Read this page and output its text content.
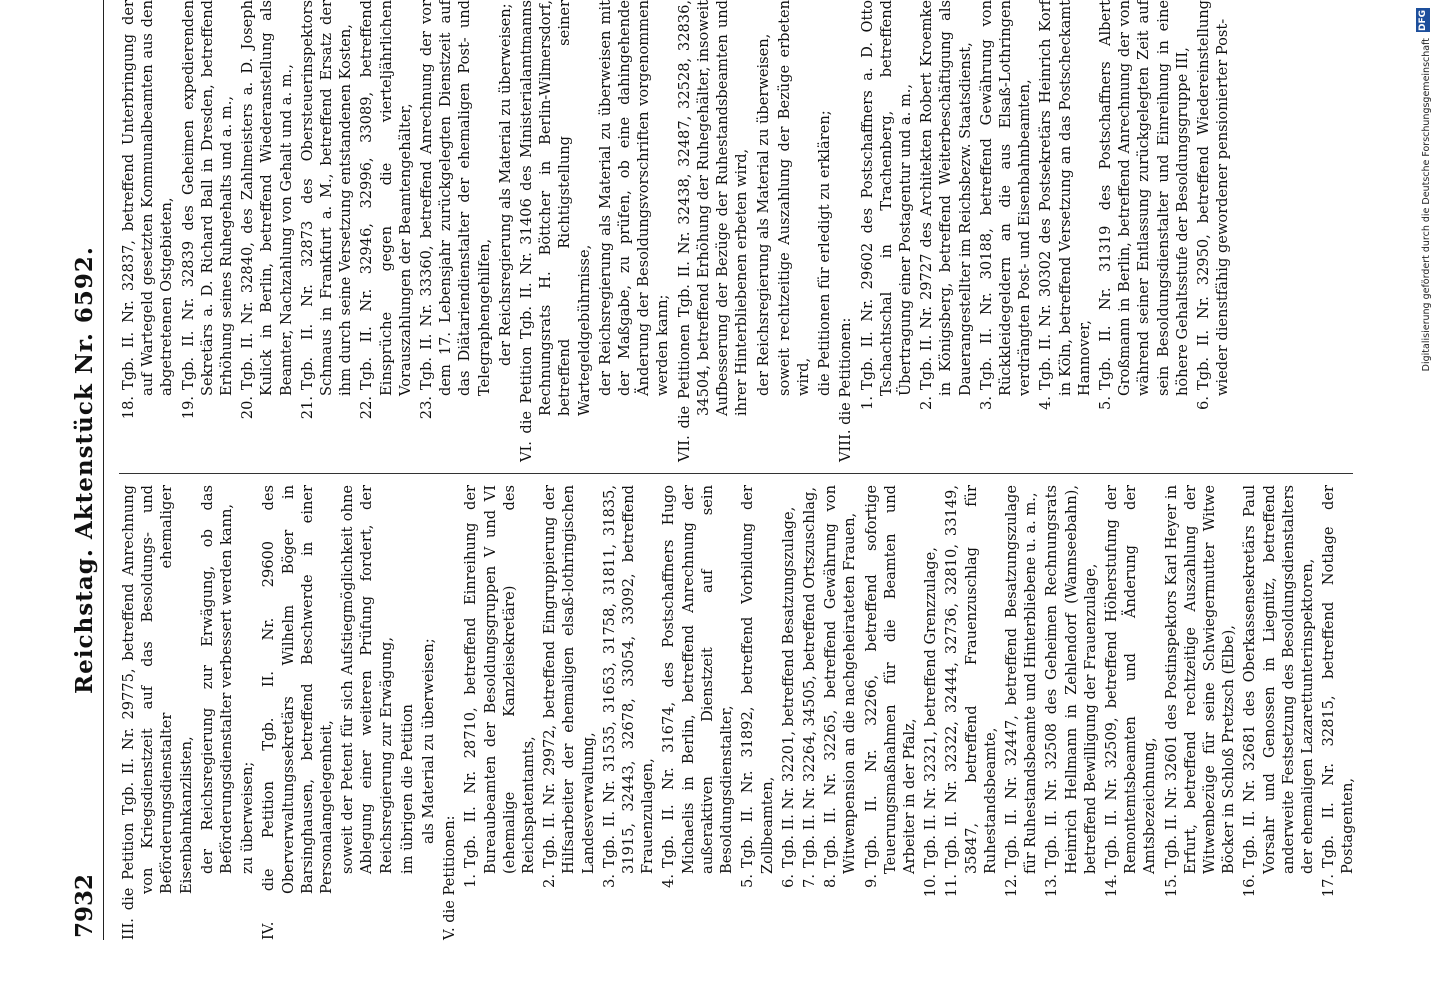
7932
Reichstag. Aktenstück Nr. 6592.

III. die Petition Tgb. II. Nr. 29775, betreffend Anrechnung von Kriegsdienstzeit auf das Besoldungs- und Beförderungsdienstalter ehemaliger Eisenbahnkanzlisten, der Reichsregierung zur Erwägung, ob das Beförderungsdienstalter verbessert werden kann, zu überweisen; IV. die Petition Tgb. II. Nr. 29600 des Oberverwaltungssekretärs Wilhelm Böger in Barsinghausen, betreffend Beschwerde in einer Personalangelegenheit, soweit der Petent für sich Aufstiegmöglichkeit ohne Ablegung einer weiteren Prüfung fordert, der Reichsregierung zur Erwägung, im übrigen die Petition als Material zu überweisen;

V. die Petitionen: 1.Tgb. II. Nr. 28710, betreffend Einreihung der Bureaubeamten der Besoldungsgruppen V und VI (ehemalige Kanzleisekretäre) des Reichspatentamts,

2.Tgb. II. Nr. 29972, betreffend Eingruppierung der Hilfsarbeiter der ehemaligen elsaß-lothringischen Landesverwaltung,

3.Tgb. II. Nr. 31535, 31653, 31758, 31811, 31835, 31915, 32443, 32678, 33054, 33092, betreffend Frauenzulagen,

4.Tgb. II. Nr. 31674, des Postschaffners Hugo Michaelis in Berlin, betreffend Anrechnung der außeraktiven Dienstzeit auf sein Besoldungsdienstalter,

5.Tgb. II. Nr. 31892, betreffend Vorbildung der Zollbeamten,

6.Tgb. II. Nr. 32201, betreffend Besatzungszulage,

7.Tgb. II. Nr. 32264, 34505, betreffend Ortszuschlag,

8.Tgb. II. Nr. 32265, betreffend Gewährung von Witwenpension an die nachgeheirateten Frauen,

9.Tgb. II. Nr. 32266, betreffend sofortige Teuerungsmaßnahmen für die Beamten und Arbeiter in der Pfalz,

10.Tgb. II. Nr. 32321, betreffend Grenzzulage,

11.Tgb. II. Nr. 32322, 32444, 32736, 32810, 33149, 35847, betreffend Frauenzuschlag für Ruhestandsbeamte,

12.Tgb. II. Nr. 32447, betreffend Besatzungszulage für Ruhestandsbeamte und Hinterbliebene u. a. m.,

13.Tgb. II. Nr. 32508 des Geheimen Rechnungsrats Heinrich Hellmann in Zehlendorf (Wannseebahn), betreffend Bewilligung der Frauenzulage,

14.Tgb. II. Nr. 32509, betreffend Höherstufung der Remontemtsbeamten und Änderung der Amtsbezeichnung,

15.Tgb. II. Nr. 32601 des Postinspektors Karl Heyer in Erfurt, betreffend rechtzeitige Auszahlung der Witwenbezüge für seine Schwiegermutter Witwe Böcker in Schloß Pretzsch (Elbe),

16.Tgb. II. Nr. 32681 des Oberkassensekretärs Paul Vorsahr und Genossen in Liegnitz, betreffend anderweite Festsetzung des Besoldungsdienstalters der ehemaligen Lazarettunterinspektoren,

17.Tgb. II. Nr. 32815, betreffend Notlage der Postagenten,

18.Tgb. II. Nr. 32837, betreffend Unterbringung der auf Wartegeld gesetzten Kommunalbeamten aus den abgetretenen Ostgebieten,

19.Tgb. II. Nr. 32839 des Geheimen expedierenden Sekretärs a. D. Richard Ball in Dresden, betreffend Erhöhung seines Ruhegehalts und a. m.,

20.Tgb. II. Nr. 32840, des Zahlmeisters a. D. Joseph Kulick in Berlin, betreffend Wiederanstellung als Beamter, Nachzahlung von Gehalt und a. m.,

21.Tgb. II. Nr. 32873 des Obersteuerinspektors Schmaus in Frankfurt a. M., betreffend Ersatz der ihm durch seine Versetzung entstandenen Kosten,

22.Tgb. II. Nr. 32946, 32996, 33089, betreffend Einsprüche gegen die vierteljährlichen Vorauszahlungen der Beamtengehälter,

23.Tgb. II. Nr. 33360, betreffend Anrechnung der vor dem 17. Lebensjahr zurückgelegten Dienstzeit auf das Diätariendienstalter der ehemaligen Post- und Telegraphengehilfen, der Reichsregierung als Material zu überweisen; VI. die Petition Tgb. II. Nr. 31406 des Ministerialamtmanns Rechnungsrats H. Böttcher in Berlin-Wilmersdorf, betreffend Richtigstellung seiner Wartegeldgebührnisse, der Reichsregierung als Material zu überweisen mit der Maßgabe, zu prüfen, ob eine dahingehende Änderung der Besoldungsvorschriften vorgenommen werden kann; VII. die Petitionen Tgb. II. Nr. 32438, 32487, 32528, 32836, 34504, betreffend Erhöhung der Ruhegehälter, insoweit Aufbesserung der Bezüge der Ruhestandsbeamten und ihrer Hinterbliebenen erbeten wird, der Reichsregierung als Material zu überweisen, soweit rechtzeitige Auszahlung der Bezüge erbeten wird, die Petitionen für erledigt zu erklären; VIII. die Petitionen: 1.Tgb. II. Nr. 29602 des Postschaffners a. D. Otto Tschachtschal in Trachenberg, betreffend Übertragung einer Postagentur und a. m.,

2.Tgb. II. Nr. 29727 des Architekten Robert Kroemke in Königsberg, betreffend Weiterbeschäftigung als Dauerangestellter im Reichsbezw. Staatsdienst,

3.Tgb. II. Nr. 30188, betreffend Gewährung von Rückkleidegeldern an die aus Elsaß-Lothringen verdrängten Post- und Eisenbahnbeamten,

4.Tgb. II. Nr. 30302 des Postsekretärs Heinrich Korf in Köln, betreffend Versetzung an das Postscheckamt Hannover,

5.Tgb. II. Nr. 31319 des Postschaffners Albert Großmann in Berlin, betreffend Anrechnung der von während seiner Entlassung zurückgelegten Zeit auf sein Besoldungsdienstalter und Einreihung in eine höhere Gehaltsstufe der Besoldungsgruppe III,

6.Tgb. II. Nr. 32950, betreffend Wiedereinstellung wieder dienstfähig gewordener pensionierter Post-	DFG
Digitalisierung gefördert durch die Deutsche Forschungsgemeinschaft
